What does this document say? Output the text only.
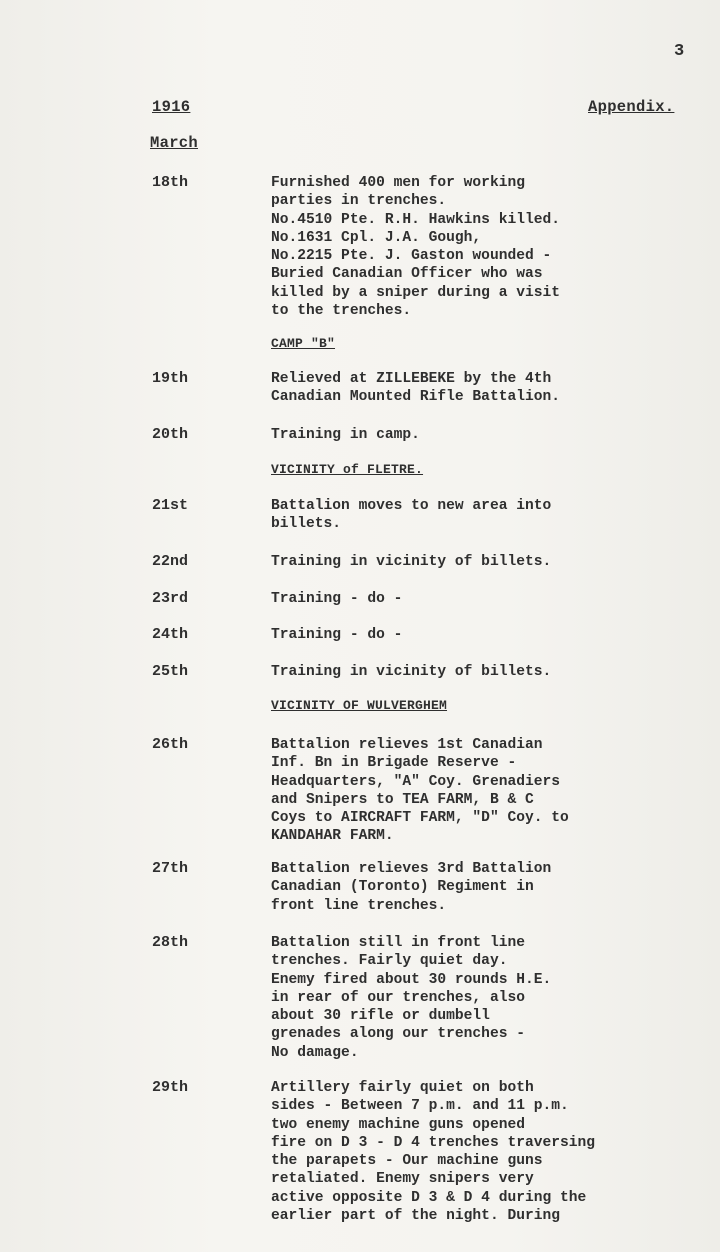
3
1916	Appendix.
March
18th	Furnished 400 men for working
parties in trenches.
No.4510 Pte. R.H. Hawkins killed.
No.1631 Cpl. J.A. Gough,
No.2215 Pte. J. Gaston wounded -
Buried Canadian Officer who was
killed by a sniper during a visit
to the trenches.
CAMP "B"
19th	Relieved at ZILLEBEKE by the 4th
Canadian Mounted Rifle Battalion.
20th	Training in camp.
VICINITY of FLETRE.
21st	Battalion moves to new area into
billets.
22nd	Training in vicinity of billets.
23rd	Training - do -
24th	Training - do -
25th	Training in vicinity of billets.
VICINITY OF WULVERGHEM
26th	Battalion relieves 1st Canadian
Inf. Bn in Brigade Reserve -
Headquarters, "A" Coy. Grenadiers
and Snipers to TEA FARM, B & C
Coys to AIRCRAFT FARM, "D" Coy. to
KANDAHAR FARM.
27th	Battalion relieves 3rd Battalion
Canadian (Toronto) Regiment in
front line trenches.
28th	Battalion still in front line
trenches. Fairly quiet day.
Enemy fired about 30 rounds H.E.
in rear of our trenches, also
about 30 rifle or dumbell
grenades along our trenches -
No damage.
29th	Artillery fairly quiet on both
sides - Between 7 p.m. and 11 p.m.
two enemy machine guns opened
fire on D 3 - D 4 trenches traversing
the parapets - Our machine guns
retaliated. Enemy snipers very
active opposite D 3 & D 4 during the
earlier part of the night. During
